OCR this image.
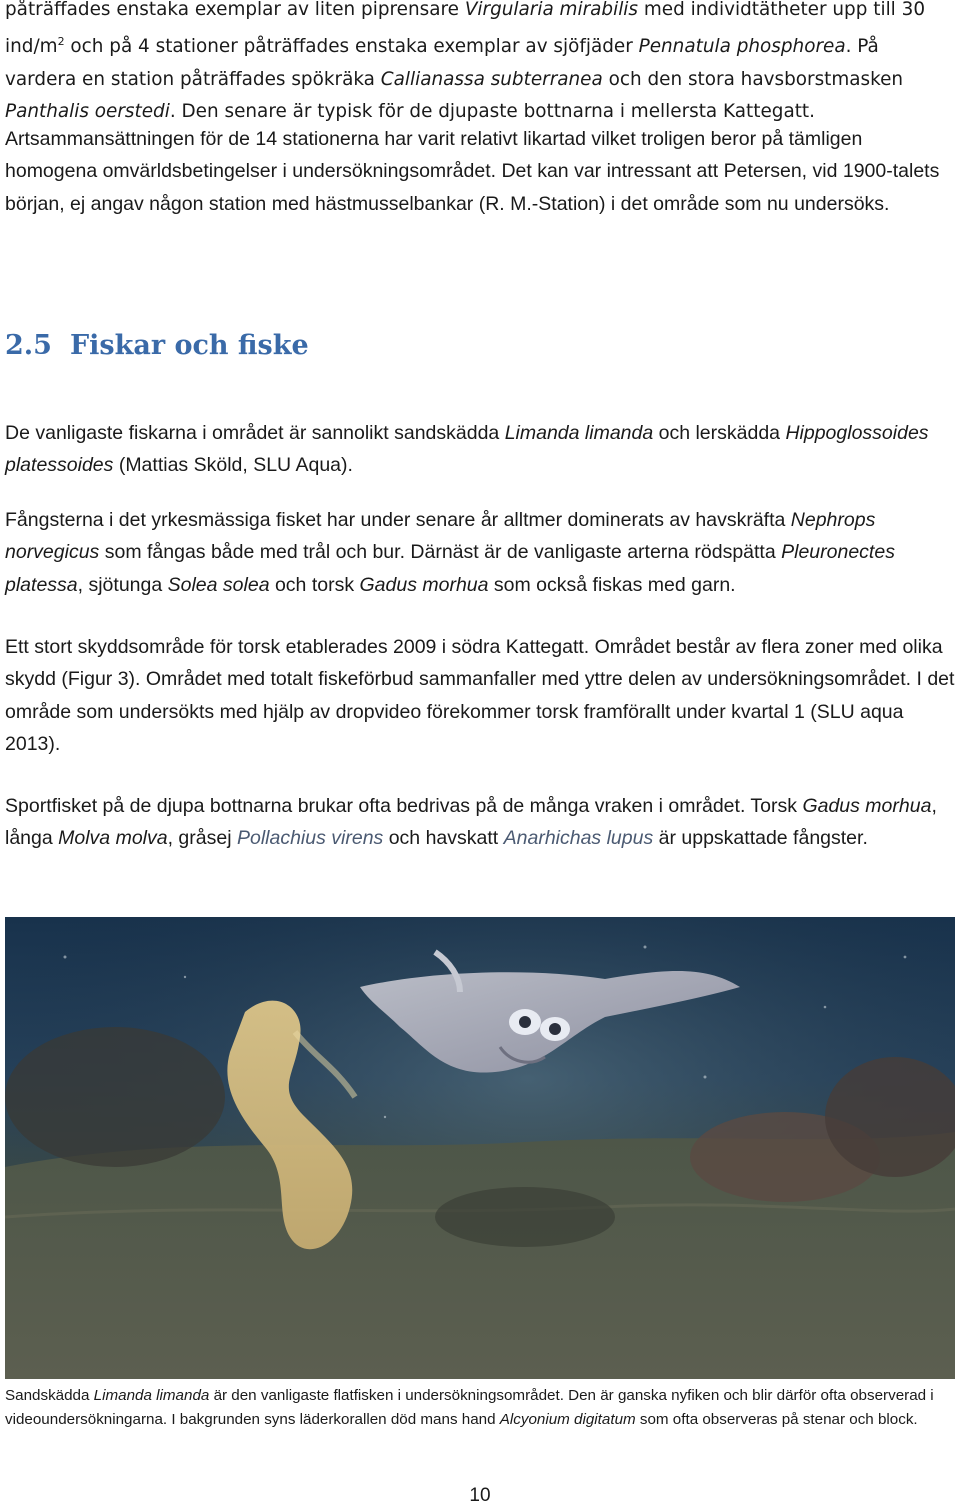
påträffades enstaka exemplar av liten piprensare Virgularia mirabilis med individtätheter upp till 30
ind/$m^2$ och på 4 stationer påträffades enstaka exemplar av sjöfjäder Pennatula phosphorea. På
vardera en station påträffades spökräka Callianassa subterranea och den stora havsborstmasken
Panthalis oerstedi. Den senare är typisk för de djupaste bottnarna i mellersta Kattegatt.

Artsammansättningen för de 14 stationerna har varit relativt likartad vilket troligen beror på tämligen homogena omvärldsbetingelser i undersökningsområdet. Det kan var intressant att Petersen, vid 1900-talets början, ej angav någon station med hästmusselbankar (R. M.-Station) i det område som nu undersöks.

2.5 Fiskar och fiske

De vanligaste fiskarna i området är sannolikt sandskädda Limanda limanda och lerskädda Hippoglossoides platessoides (Mattias Sköld, SLU Aqua).

Fångsterna i det yrkesmässiga fisket har under senare år alltmer dominerats av havskräfta Nephrops norvegicus som fångas både med trål och bur. Därnäst är de vanligaste arterna rödspätta Pleuronectes platessa, sjötunga Solea solea och torsk Gadus morhua som också fiskas med garn.

Ett stort skyddsområde för torsk etablerades 2009 i södra Kattegatt. Området består av flera zoner med olika skydd (Figur 3). Området med totalt fiskeförbud sammanfaller med yttre delen av undersökningsområdet. I det område som undersökts med hjälp av dropvideo förekommer torsk framförallt under kvartal 1 (SLU aqua 2013).

Sportfisket på de djupa bottnarna brukar ofta bedrivas på de många vraken i området. Torsk Gadus morhua, långa Molva molva, gråsej Pollachius virens och havskatt Anarhichas lupus är uppskattade fångster.

Sandskädda Limanda limanda är den vanligaste flatfisken i undersökningsområdet. Den är ganska nyfiken och blir därför ofta observerad i videoundersökningarna. I bakgrunden syns läderkorallen död mans hand Alcyonium digitatum som ofta observeras på stenar och block.

10
